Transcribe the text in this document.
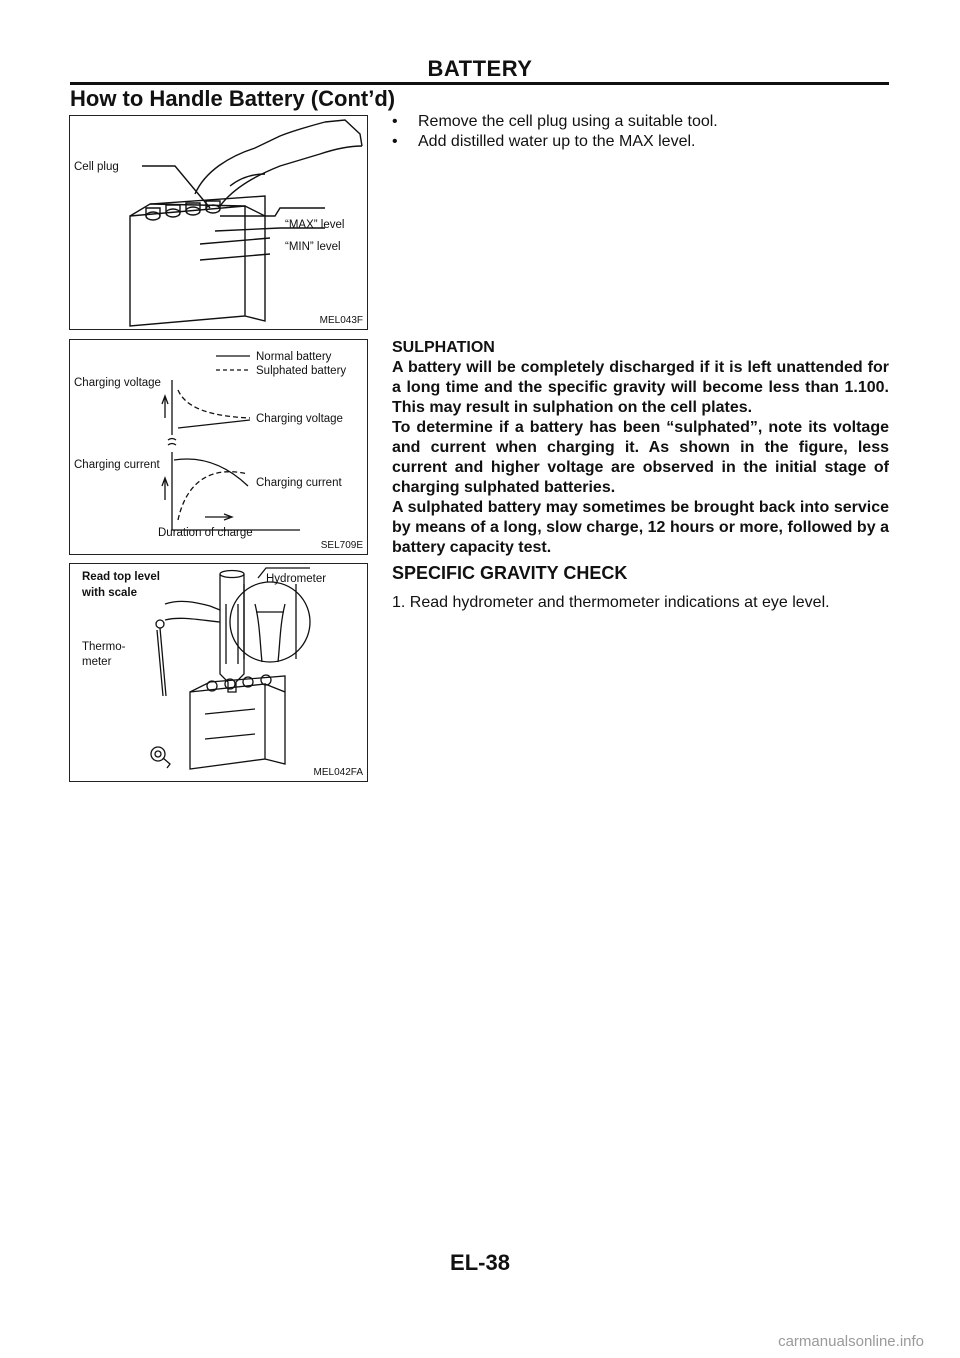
BATTERY
How to Handle Battery (Cont’d)
Cell plug
“MAX” level
“MIN” level
MEL043F
Normal battery
Sulphated battery
Charging voltage
Charging voltage
Charging current
Charging current
Duration of charge
SEL709E
Read top level
with scale
Hydrometer
Thermo-
meter
MEL042FA
• Remove the cell plug using a suitable tool.
• Add distilled water up to the MAX level.

SULPHATION

A battery will be completely discharged if it is left unattended for a long time and the specific gravity will become less than 1.100. This may result in sulphation on the cell plates.

To determine if a battery has been “sulphated”, note its voltage and current when charging it. As shown in the figure, less current and higher voltage are observed in the initial stage of charging sulphated batteries.

A sulphated battery may sometimes be brought back into service by means of a long, slow charge, 12 hours or more, followed by a battery capacity test.

SPECIFIC GRAVITY CHECK
1. Read hydrometer and thermometer indications at eye level.
EL-38
carmanualsonline.info
